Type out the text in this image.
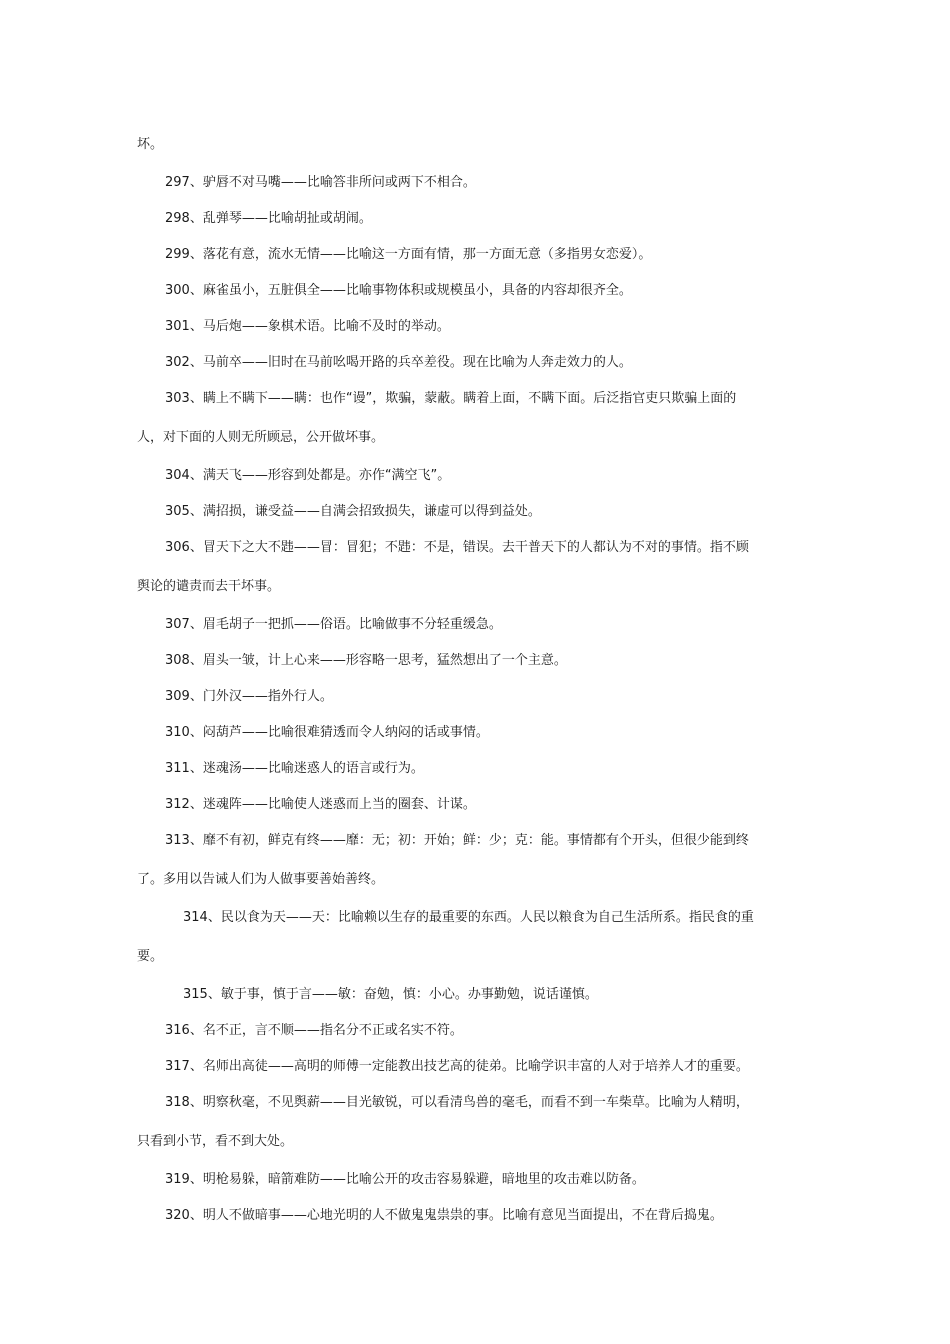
坏。
297、驴唇不对马嘴——比喻答非所问或两下不相合。
298、乱弹琴——比喻胡扯或胡闹。
299、落花有意，流水无情——比喻这一方面有情，那一方面无意（多指男女恋爱）。
300、麻雀虽小，五脏俱全——比喻事物体积或规模虽小，具备的内容却很齐全。
301、马后炮——象棋术语。比喻不及时的举动。
302、马前卒——旧时在马前吆喝开路的兵卒差役。现在比喻为人奔走效力的人。
303、瞒上不瞒下——瞒：也作“谩”，欺骗，蒙蔽。瞒着上面，不瞒下面。后泛指官吏只欺骗上面的
人，对下面的人则无所顾忌，公开做坏事。
304、满天飞——形容到处都是。亦作“满空飞”。
305、满招损，谦受益——自满会招致损失，谦虚可以得到益处。
306、冒天下之大不韪——冒：冒犯；不韪：不是，错误。去干普天下的人都认为不对的事情。指不顾
舆论的谴责而去干坏事。
307、眉毛胡子一把抓——俗语。比喻做事不分轻重缓急。
308、眉头一皱，计上心来——形容略一思考，猛然想出了一个主意。
309、门外汉——指外行人。
310、闷葫芦——比喻很难猜透而令人纳闷的话或事情。
311、迷魂汤——比喻迷惑人的语言或行为。
312、迷魂阵——比喻使人迷惑而上当的圈套、计谋。
313、靡不有初，鲜克有终——靡：无；初：开始；鲜：少；克：能。事情都有个开头，但很少能到终
了。多用以告诫人们为人做事要善始善终。
314、民以食为天——天：比喻赖以生存的最重要的东西。人民以粮食为自己生活所系。指民食的重
要。
315、敏于事，慎于言——敏：奋勉，慎：小心。办事勤勉，说话谨慎。
316、名不正，言不顺——指名分不正或名实不符。
317、名师出高徒——高明的师傅一定能教出技艺高的徒弟。比喻学识丰富的人对于培养人才的重要。
318、明察秋毫，不见舆薪——目光敏锐，可以看清鸟兽的毫毛，而看不到一车柴草。比喻为人精明，
只看到小节，看不到大处。
319、明枪易躲，暗箭难防——比喻公开的攻击容易躲避，暗地里的攻击难以防备。
320、明人不做暗事——心地光明的人不做鬼鬼祟祟的事。比喻有意见当面提出，不在背后捣鬼。
